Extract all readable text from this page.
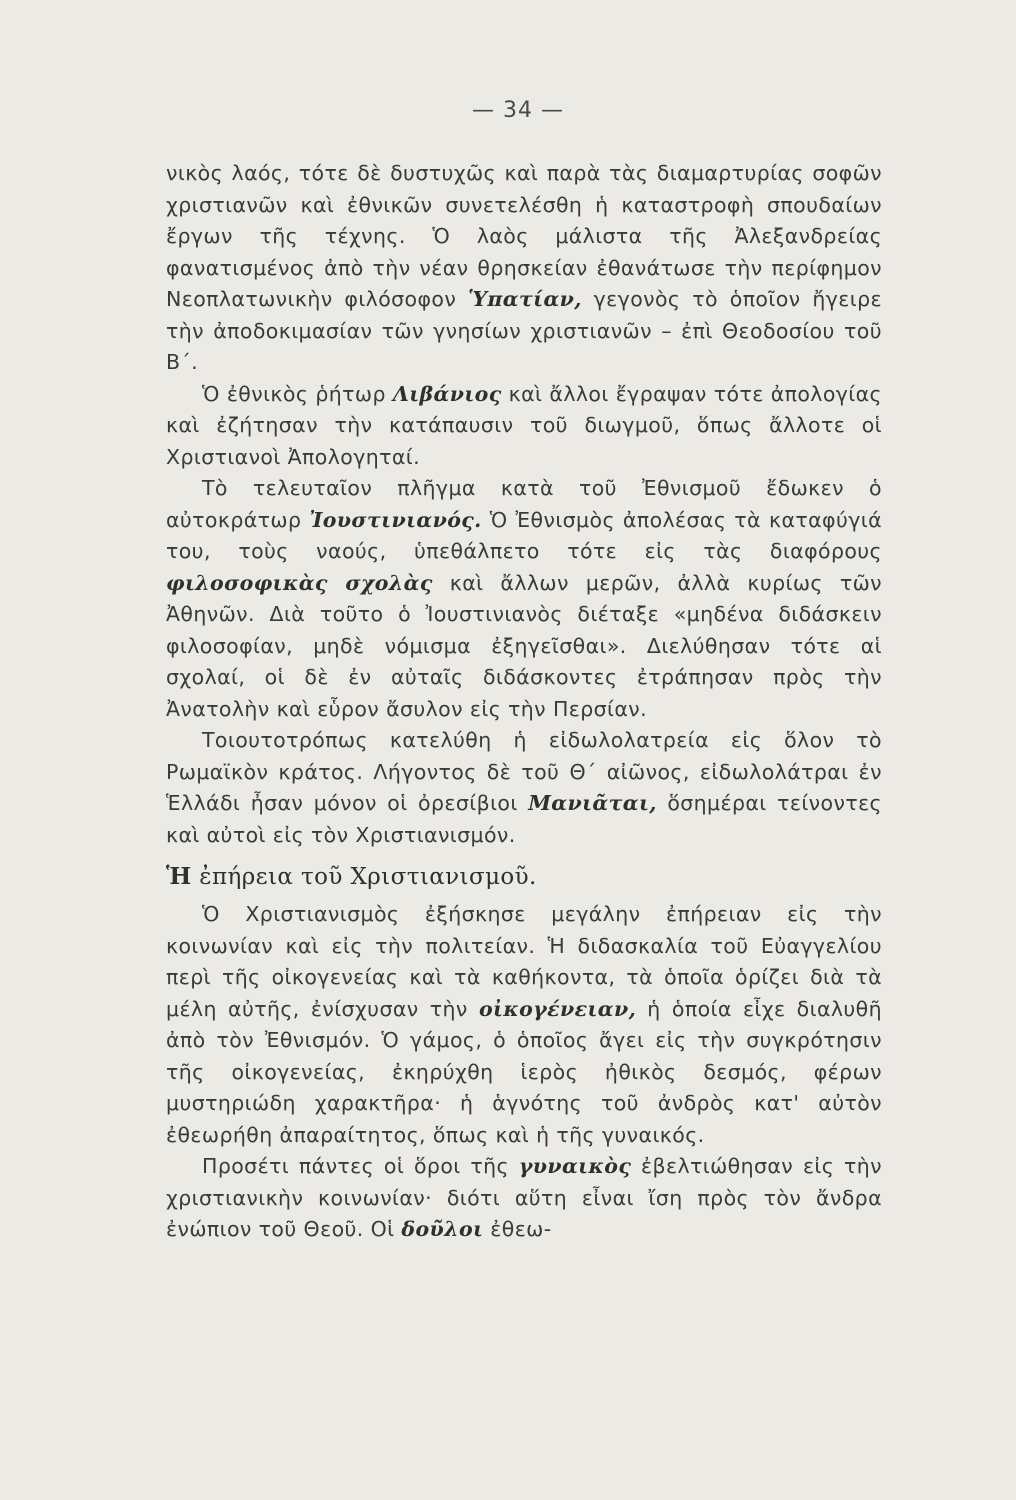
— 34 —

νικὸς λαός, τότε δὲ δυστυχῶς καὶ παρὰ τὰς διαμαρτυρίας σοφῶν χριστιανῶν καὶ ἐθνικῶν συνετελέσθη ἡ καταστροφὴ σπουδαίων ἔργων τῆς τέχνης. Ὁ λαὸς μάλιστα τῆς Ἀλεξανδρείας φανατισμένος ἀπὸ τὴν νέαν θρησκείαν ἐθανάτωσε τὴν περίφημον Νεοπλατωνικὴν φιλόσοφον Ὑπατίαν, γεγονὸς τὸ ὁποῖον ἤγειρε τὴν ἀποδοκιμασίαν τῶν γνησίων χριστιανῶν – ἐπὶ Θεοδοσίου τοῦ Β΄.

Ὁ ἐθνικὸς ῥήτωρ Λιβάνιος καὶ ἄλλοι ἔγραψαν τότε ἀπολογίας καὶ ἐζήτησαν τὴν κατάπαυσιν τοῦ διωγμοῦ, ὅπως ἄλλοτε οἱ Χριστιανοὶ Ἀπολογηταί.

Τὸ τελευταῖον πλῆγμα κατὰ τοῦ Ἐθνισμοῦ ἔδωκεν ὁ αὐτοκράτωρ Ἰουστινιανός. Ὁ Ἐθνισμὸς ἀπολέσας τὰ καταφύγιά του, τοὺς ναούς, ὑπεθάλπετο τότε εἰς τὰς διαφόρους φιλοσοφικὰς σχολὰς καὶ ἄλλων μερῶν, ἀλλὰ κυρίως τῶν Ἀθηνῶν. Διὰ τοῦτο ὁ Ἰουστινιανὸς διέταξε «μηδένα διδάσκειν φιλοσοφίαν, μηδὲ νόμισμα ἐξηγεῖσθαι». Διελύθησαν τότε αἱ σχολαί, οἱ δὲ ἐν αὐταῖς διδάσκοντες ἐτράπησαν πρὸς τὴν Ἀνατολὴν καὶ εὗρον ἄσυλον εἰς τὴν Περσίαν.

Τοιουτοτρόπως κατελύθη ἡ εἰδωλολατρεία εἰς ὅλον τὸ Ρωμαϊκὸν κράτος. Λήγοντος δὲ τοῦ Θ΄ αἰῶνος, εἰδωλολάτραι ἐν Ἑλλάδι ἦσαν μόνον οἱ ὀρεσίβιοι Μανιᾶται, ὅσημέραι τείνοντες καὶ αὐτοὶ εἰς τὸν Χριστιανισμόν.

Ἡ ἐπήρεια τοῦ Χριστιανισμοῦ.

Ὁ Χριστιανισμὸς ἐξήσκησε μεγάλην ἐπήρειαν εἰς τὴν κοινωνίαν καὶ εἰς τὴν πολιτείαν. Ἡ διδασκαλία τοῦ Εὐαγγελίου περὶ τῆς οἰκογενείας καὶ τὰ καθήκοντα, τὰ ὁποῖα ὁρίζει διὰ τὰ μέλη αὐτῆς, ἐνίσχυσαν τὴν οἰκογένειαν, ἡ ὁποία εἶχε διαλυθῆ ἀπὸ τὸν Ἐθνισμόν. Ὁ γάμος, ὁ ὁποῖος ἄγει εἰς τὴν συγκρότησιν τῆς οἰκογενείας, ἐκηρύχθη ἱερὸς ἠθικὸς δεσμός, φέρων μυστηριώδη χαρακτῆρα· ἡ ἁγνότης τοῦ ἀνδρὸς κατ' αὐτὸν ἐθεωρήθη ἀπαραίτητος, ὅπως καὶ ἡ τῆς γυναικός.

Προσέτι πάντες οἱ ὅροι τῆς γυναικὸς ἐβελτιώθησαν εἰς τὴν χριστιανικὴν κοινωνίαν· διότι αὕτη εἶναι ἴση πρὸς τὸν ἄνδρα ἐνώπιον τοῦ Θεοῦ. Οἱ δοῦλοι ἐθεω-
